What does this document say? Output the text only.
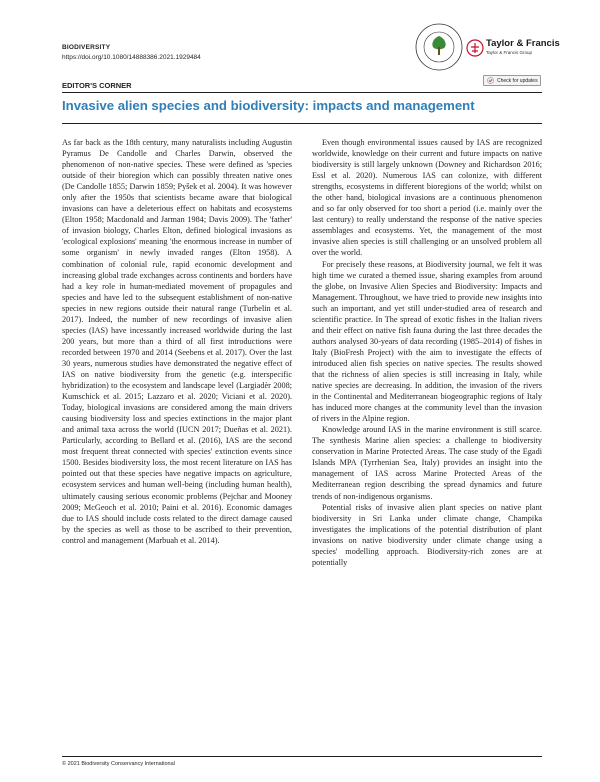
BIODIVERSITY
https://doi.org/10.1080/14888386.2021.1929484
Taylor & Francis
Taylor & Francis Group
Check for updates
EDITOR'S CORNER
Invasive alien species and biodiversity: impacts and management

As far back as the 18th century, many naturalists including Augustin Pyramus De Candolle and Charles Darwin, observed the phenomenon of non-native species. These were defined as 'species outside of their bioregion which can possibly threaten native ones (De Candolle 1855; Darwin 1859; Pyšek et al. 2004). It was however only after the 1950s that scientists became aware that biological invasions can have a deleterious effect on habitats and ecosystems (Elton 1958; Macdonald and Jarman 1984; Davis 2009). The 'father' of invasion biology, Charles Elton, defined biological invasions as 'ecological explosions' meaning 'the enormous increase in number of some organism' in newly invaded ranges (Elton 1958). A combination of colonial rule, rapid economic development and increasing global trade exchanges across continents and borders have had a key role in human-mediated movement of propagules and species and have led to the subsequent establishment of non-native species in new regions outside their natural range (Turbelin et al. 2017). Indeed, the number of new recordings of invasive alien species (IAS) have incessantly increased worldwide during the last 200 years, but more than a third of all first introductions were recorded between 1970 and 2014 (Seebens et al. 2017). Over the last 30 years, numerous studies have demonstrated the negative effect of IAS on native biodiversity from the genetic (e.g. interspecific hybridization) to the ecosystem and landscape level (Largiadèr 2008; Kumschick et al. 2015; Lazzaro et al. 2020; Viciani et al. 2020). Today, biological invasions are considered among the main drivers causing biodiversity loss and species extinctions in the major plant and animal taxa across the world (IUCN 2017; Dueñas et al. 2021). Particularly, according to Bellard et al. (2016), IAS are the second most frequent threat connected with species' extinction events since 1500. Besides biodiversity loss, the most recent literature on IAS has pointed out that these species have negative impacts on agriculture, ecosystem services and human well-being (including human health), ultimately causing serious economic problems (Pejchar and Mooney 2009; McGeoch et al. 2010; Paini et al. 2016). Economic damages due to IAS should include costs related to the direct damage caused by the species as well as those to be ascribed to their prevention, control and management (Marbuah et al. 2014).

Even though environmental issues caused by IAS are recognized worldwide, knowledge on their current and future impacts on native biodiversity is still largely unknown (Downey and Richardson 2016; Essl et al. 2020). Numerous IAS can colonize, with different strengths, ecosystems in different bioregions of the world; whilst on the other hand, biological invasions are a continuous phenomenon and so far only observed for too short a period (i.e. mainly over the last century) to really understand the response of the native species assemblages and ecosystems. Yet, the management of the most invasive alien species is still challenging or an unsolved problem all over the world.

For precisely these reasons, at Biodiversity journal, we felt it was high time we curated a themed issue, sharing examples from around the globe, on Invasive Alien Species and Biodiversity: Impacts and Management. Throughout, we have tried to provide new insights into such an important, and yet still under-studied area of research and scientific practice. In The spread of exotic fishes in the Italian rivers and their effect on native fish fauna during the last three decades the authors analysed 30-years of data recording (1985–2014) of fishes in Italy (BioFresh Project) with the aim to investigate the effects of introduced alien fish species on native species. The results showed that the richness of alien species is still increasing in Italy, while native species are decreasing. In addition, the invasion of the rivers in the Continental and Mediterranean biogeographic regions of Italy has induced more changes at the community level than the invasion of rivers in the Alpine region.

Knowledge around IAS in the marine environment is still scarce. The synthesis Marine alien species: a challenge to biodiversity conservation in Marine Protected Areas. The case study of the Egadi Islands MPA (Tyrrhenian Sea, Italy) provides an insight into the management of IAS across Marine Protected Areas of the Mediterranean region describing the spread dynamics and future trends of non-indigenous organisms.

Potential risks of invasive alien plant species on native plant biodiversity in Sri Lanka under climate change, Champika investigates the implications of the potential distribution of plant invasions on native biodiversity under climate change using a species' modelling approach. Biodiversity-rich zones are at potentially

© 2021 Biodiversity Conservancy International
